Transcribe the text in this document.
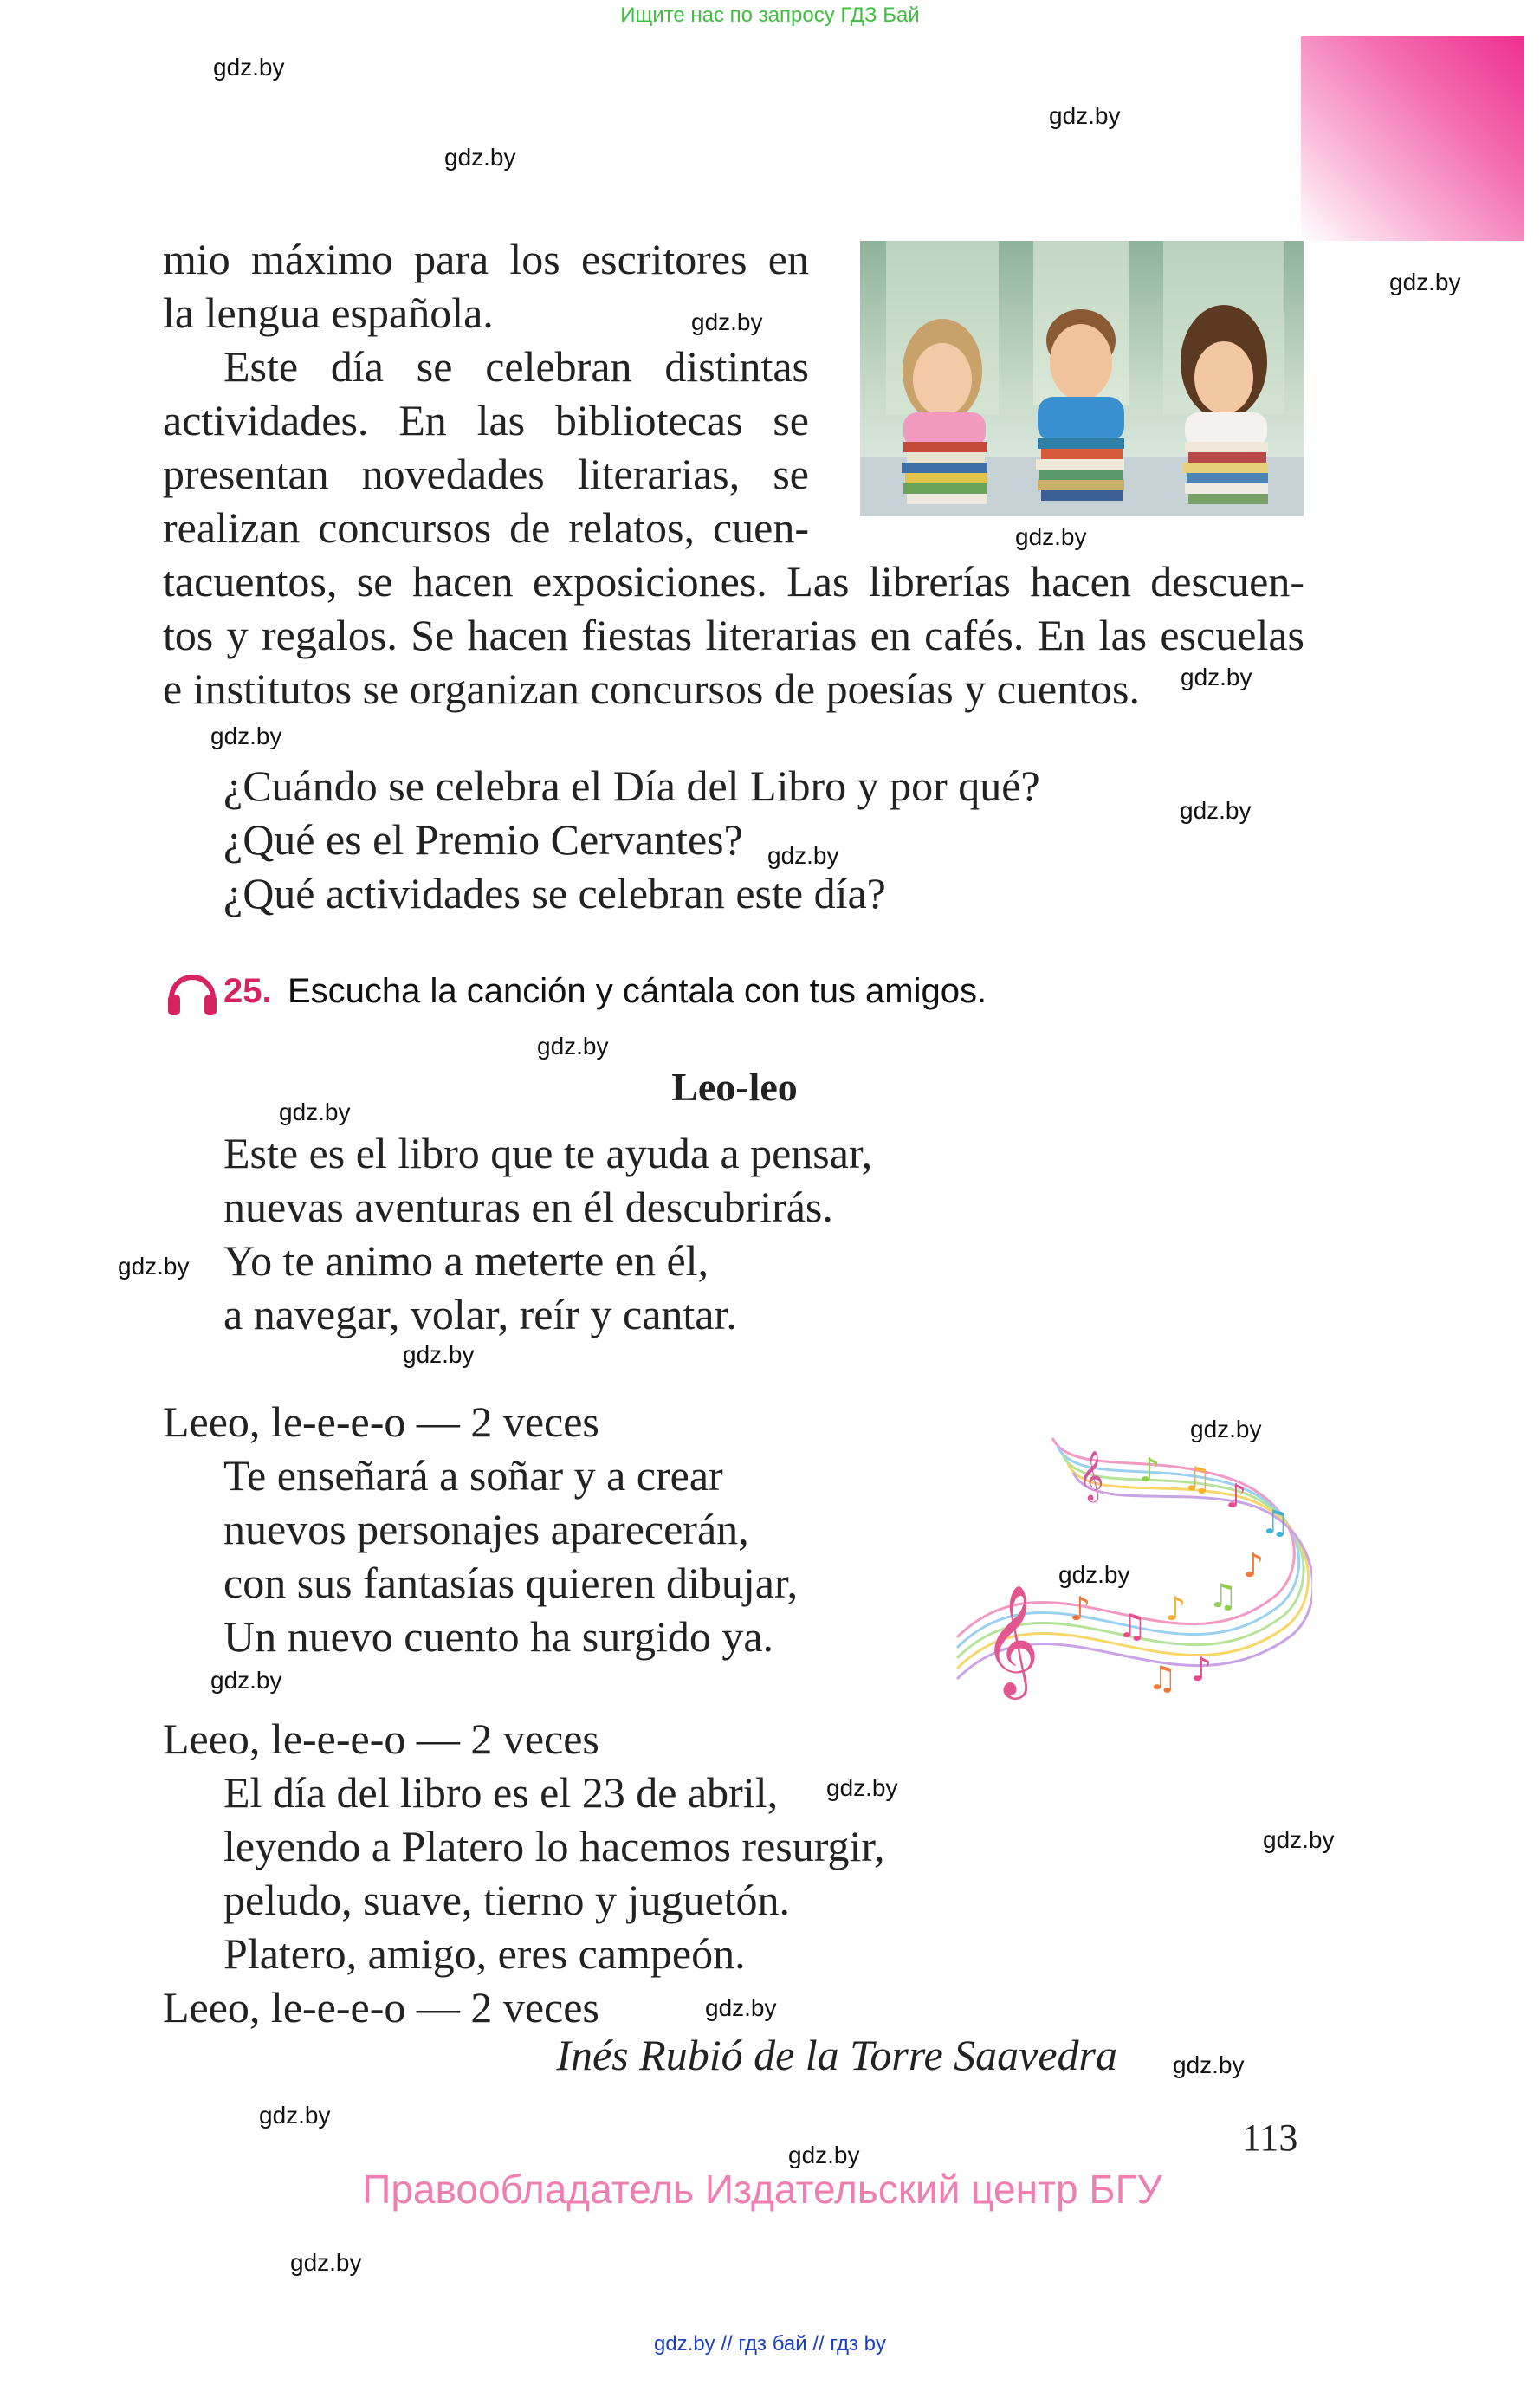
Ищите нас по запросу ГДЗ Бай
gdz.by
gdz.by
gdz.by
gdz.by
gdz.by
gdz.by
gdz.by
gdz.by
gdz.by
gdz.by
gdz.by
gdz.by
gdz.by
gdz.by
gdz.by
gdz.by
gdz.by
gdz.by
gdz.by
gdz.by
gdz.by
gdz.by
gdz.by
gdz.by
mio máximo para los escritores en
la lengua española.
Este día se celebran distintas
actividades. En las bibliotecas se
presentan novedades literarias, se
realizan concursos de relatos, cuen-
tacuentos, se hacen exposiciones. Las librerías hacen descuen-
tos y regalos. Se hacen fiestas literarias en cafés. En las escuelas
e institutos se organizan concursos de poesías y cuentos.
¿Cuándo se celebra el Día del Libro y por qué?
¿Qué es el Premio Cervantes?
¿Qué actividades se celebran este día?
25. Escucha la canción y cántala con tus amigos.
Leo-leo
Este es el libro que te ayuda a pensar,
nuevas aventuras en él descubrirás.
Yo te animo a meterte en él,
a navegar, volar, reír y cantar.
Leeo, le-e-e-o — 2 veces
Te enseñará a soñar y a crear
nuevos personajes aparecerán,
con sus fantasías quieren dibujar,
Un nuevo cuento ha surgido ya.
Leeo, le-e-e-o — 2 veces
El día del libro es el 23 de abril,
leyendo a Platero lo hacemos resurgir,
peludo, suave, tierno y juguetón.
Platero, amigo, eres campeón.
Leeo, le-e-e-o — 2 veces
Inés Rubió de la Torre Saavedra
𝄞
𝄞
♪ ♫ ♪ ♫
♪
♫
♪
♫
♪
♪
♫
113
Правообладатель Издательский центр БГУ
gdz.by // гдз бай // гдз by
